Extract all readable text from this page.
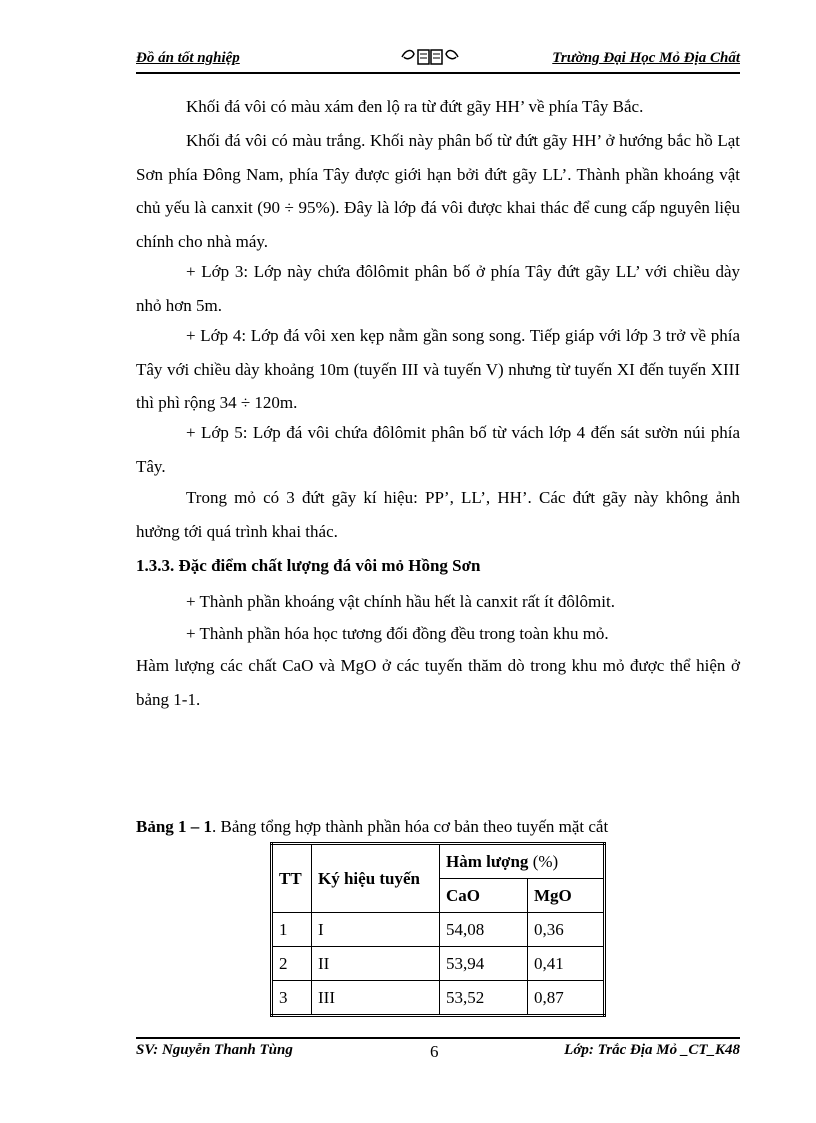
Đồ án tốt nghiệp	Trường Đại Học Mỏ Địa Chất
Khối đá vôi có màu xám đen lộ ra từ đứt gãy HH’ về phía Tây Bắc.
Khối đá vôi có màu trắng. Khối này phân bố từ đứt gãy HH’ ở hướng bắc hồ Lạt Sơn phía Đông Nam, phía Tây được giới hạn bởi đứt gãy LL’. Thành phần khoáng vật chủ yếu là canxit (90 ÷ 95%). Đây là lớp đá vôi được khai thác để cung cấp nguyên liệu chính cho nhà máy.
+ Lớp 3: Lớp này chứa đôlômit phân bố ở phía Tây đứt gãy LL’ với chiều dày nhỏ hơn 5m.
+ Lớp 4: Lớp đá vôi xen kẹp nằm gần song song. Tiếp giáp với lớp 3 trở về phía Tây với chiều dày khoảng 10m (tuyến III và tuyến V) nhưng từ tuyến XI đến tuyến XIII thì phì rộng 34 ÷ 120m.
+ Lớp 5: Lớp đá vôi chứa đôlômit phân bố từ vách lớp 4 đến sát sườn núi phía Tây.
Trong mỏ có 3 đứt gãy kí hiệu: PP’, LL’, HH’. Các đứt gãy này không ảnh hưởng tới quá trình khai thác.
1.3.3. Đặc điểm chất lượng đá vôi mỏ Hồng Sơn
+ Thành phần khoáng vật chính hầu hết là canxit rất ít đôlômit.
+ Thành phần hóa học tương đối đồng đều trong toàn khu mỏ.
Hàm lượng các chất CaO và MgO ở các tuyến thăm dò trong khu mỏ được thể hiện ở bảng 1-1.
Bảng 1 – 1. Bảng tổng hợp thành phần hóa cơ bản theo tuyến mặt cắt
TT	Ký hiệu tuyến	Hàm lượng (%)	
		CaO	MgO
1	I	54,08	0,36
2	II	53,94	0,41
3	III	53,52	0,87
SV: Nguyễn Thanh Tùng	6	Lớp: Trắc Địa Mỏ _CT_K48
